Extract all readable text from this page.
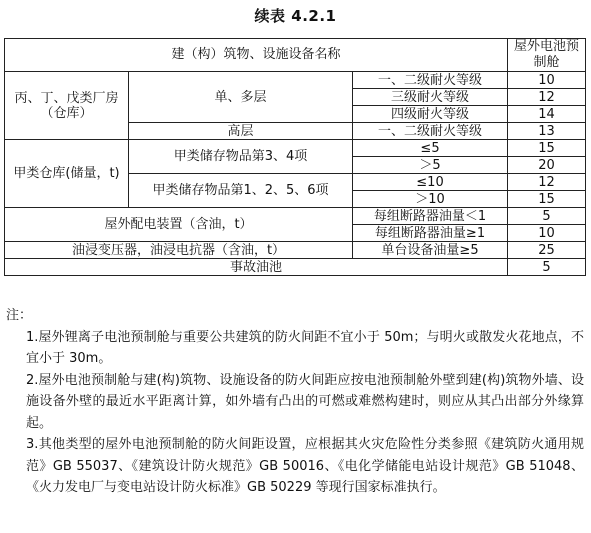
续表 4.2.1
建（构）筑物、设施设备名称			屋外电池预制舱
丙、丁、戊类厂房（仓库）	单、多层	一、二级耐火等级	10
		三级耐火等级	12
		四级耐火等级	14
	高层	一、二级耐火等级	13
甲类仓库(储量，t)	甲类储存物品第3、4项	≤5	15
		＞5	20
	甲类储存物品第1、2、5、6项	≤10	12
		＞10	15
屋外配电装置（含油，t）		每组断路器油量＜1	5
		每组断路器油量≥1	10
油浸变压器，油浸电抗器（含油，t）		单台设备油量≥5	25
事故油池			5

注：

1.屋外锂离子电池预制舱与重要公共建筑的防火间距不宜小于 50m；与明火或散发火花地点，不宜小于 30m。

2.屋外电池预制舱与建(构)筑物、设施设备的防火间距应按电池预制舱外壁到建(构)筑物外墙、设施设备外壁的最近水平距离计算，如外墙有凸出的可燃或难燃构建时，则应从其凸出部分外缘算起。

3.其他类型的屋外电池预制舱的防火间距设置，应根据其火灾危险性分类参照《建筑防火通用规范》GB 55037、《建筑设计防火规范》GB 50016、《电化学储能电站设计规范》GB 51048、《火力发电厂与变电站设计防火标准》GB 50229 等现行国家标准执行。
